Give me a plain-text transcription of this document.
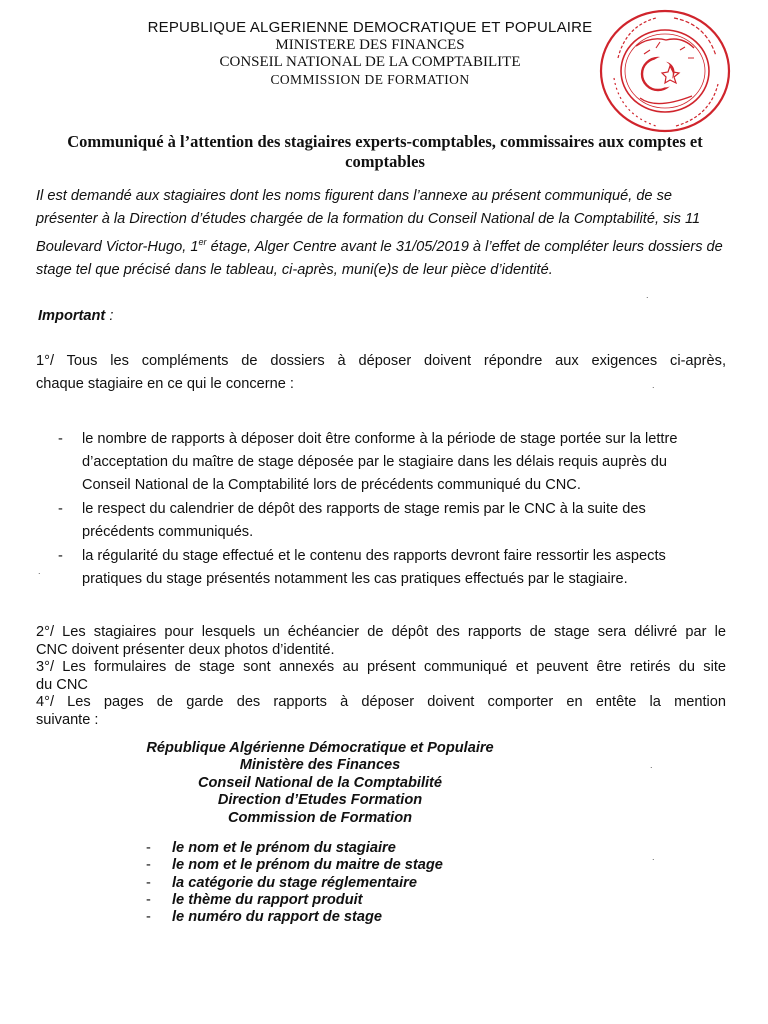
REPUBLIQUE ALGERIENNE DEMOCRATIQUE ET POPULAIRE
MINISTERE DES FINANCES
CONSEIL NATIONAL DE LA COMPTABILITE
COMMISSION DE FORMATION
Communiqué à l’attention des stagiaires experts-comptables, commissaires aux comptes et comptables

Il est demandé aux stagiaires dont les noms figurent dans l’annexe au présent communiqué, de se présenter à la Direction d’études chargée de la formation du Conseil National de la Comptabilité, sis 11 Boulevard Victor-Hugo, 1er étage, Alger Centre avant le 31/05/2019 à l’effet de compléter leurs dossiers de stage tel que précisé dans le tableau, ci-après, muni(e)s de leur pièce d’identité.

Important :

1°/ Tous les compléments de dossiers à déposer doivent répondre aux exigences ci-après,

chaque stagiaire en ce qui le concerne :

-	le nombre de rapports à déposer doit être conforme à la période de stage portée sur la lettre d’acceptation du maître de stage déposée par le stagiaire dans les délais requis auprès du Conseil National de la Comptabilité lors de précédents communiqué du CNC.
-	le respect du calendrier de dépôt des rapports de stage remis par le CNC à la suite des précédents communiqués.
-	la régularité du stage effectué et le contenu des rapports devront faire ressortir les aspects pratiques du stage présentés notamment les cas pratiques effectués par le stagiaire.

2°/ Les stagiaires pour lesquels un échéancier de dépôt des rapports de stage sera délivré par le

CNC doivent présenter deux photos d’identité.

3°/ Les formulaires de stage sont annexés au présent communiqué et peuvent être retirés du site

du CNC

4°/ Les pages de garde des rapports à déposer doivent comporter en entête la mention

suivante :

République Algérienne Démocratique et Populaire
Ministère des Finances
Conseil National de la Comptabilité
Direction d’Etudes Formation
Commission de Formation
-	le nom et le prénom du stagiaire
-	le nom et le prénom du maitre de stage
-	la catégorie du stage réglementaire
-	le thème du rapport produit
-	le numéro du rapport de stage
.
.
.
.
.
